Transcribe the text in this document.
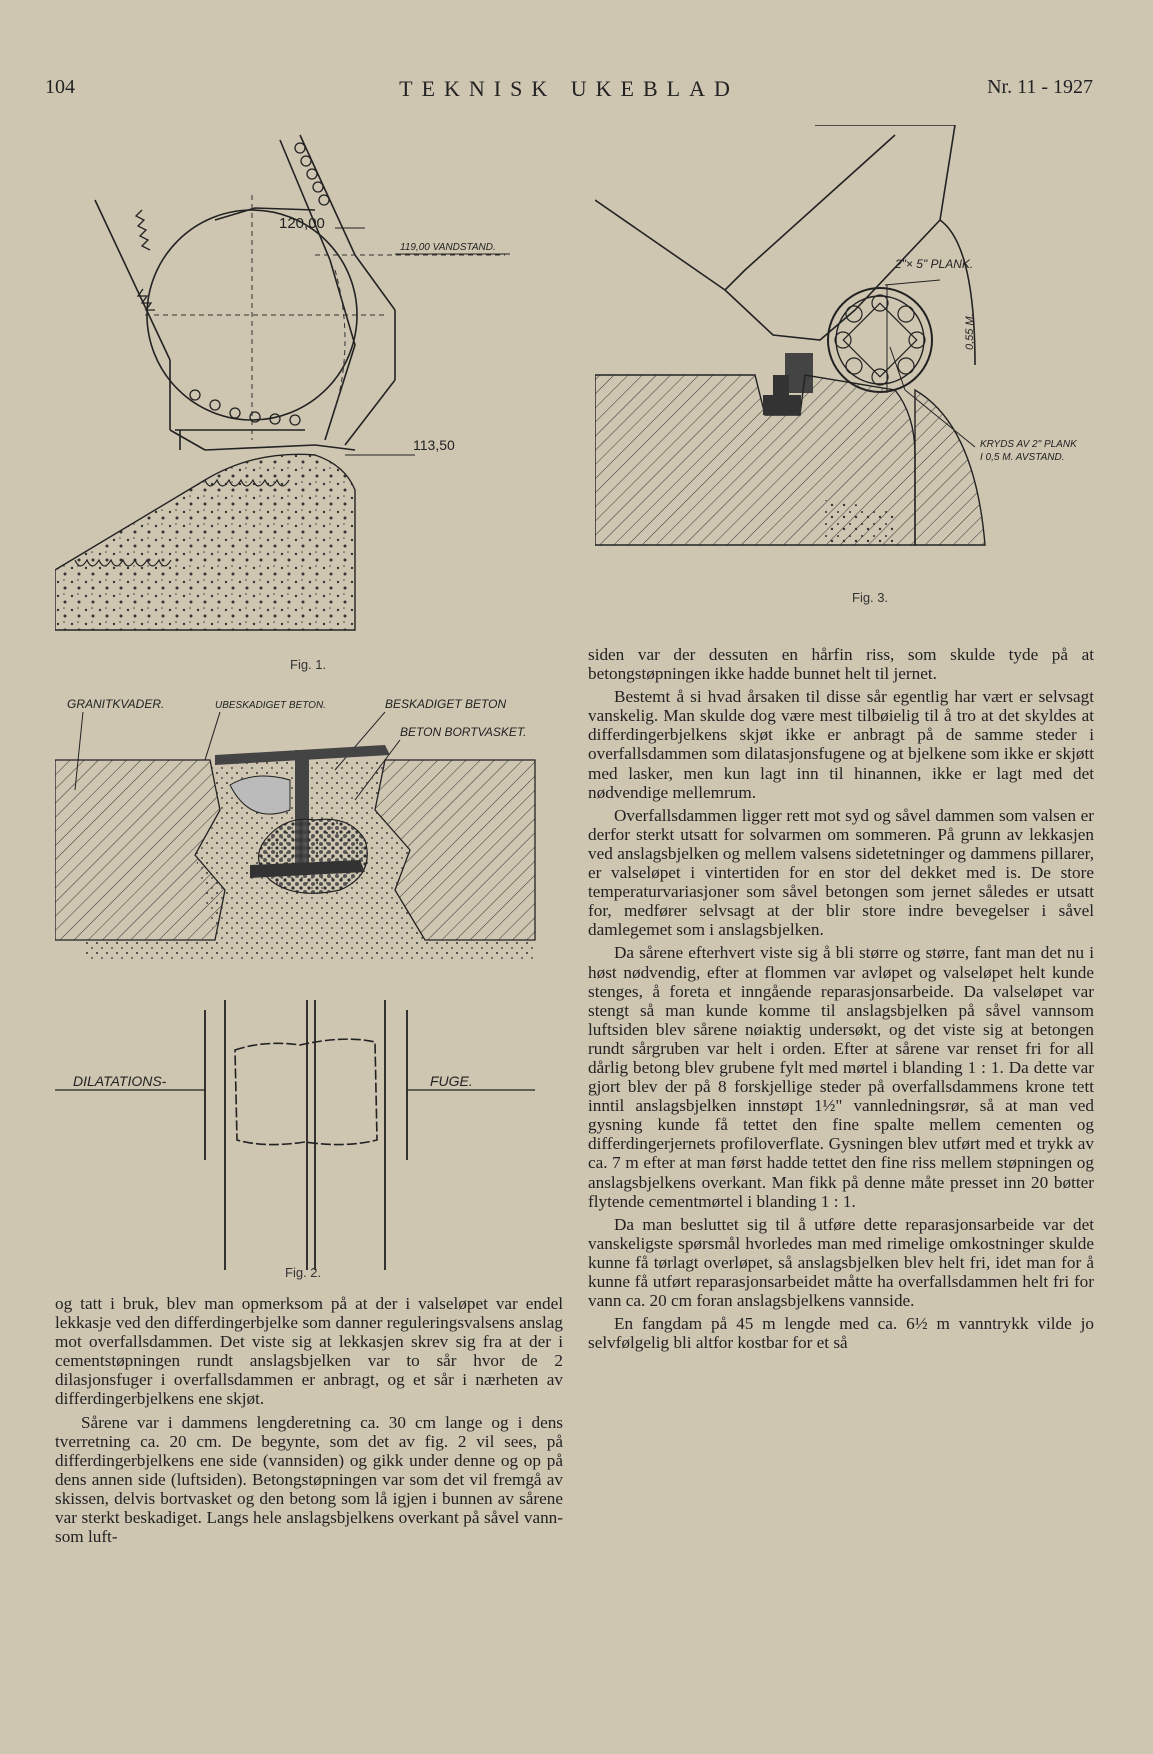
104	TEKNISK UKEBLAD	Nr. 11 - 1927
120,00
119,00 VANDSTAND.
113,50
Fig. 1.
2"× 5" PLANK.
0,55 M.
KRYDS AV 2" PLANK
I 0,5 M. AVSTAND.
Fig. 3.
GRANITKVADER.	UBESKADIGET BETON.	BESKADIGET BETON
BETON BORTVASKET.
DILATATIONS-	FUGE.
Fig. 2.

og tatt i bruk, blev man opmerksom på at der i valseløpet var endel lekkasje ved den differdingerbjelke som danner reguleringsvalsens anslag mot overfallsdammen. Det viste sig at lekkasjen skrev sig fra at der i cementstøpningen rundt anslagsbjelken var to sår hvor de 2 dilasjonsfuger i overfallsdammen er anbragt, og et sår i nærheten av differdingerbjelkens ene skjøt.

Sårene var i dammens lengderetning ca. 30 cm lange og i dens tverretning ca. 20 cm. De begynte, som det av fig. 2 vil sees, på differdingerbjelkens ene side (vannsiden) og gikk under denne og op på dens annen side (luftsiden). Betongstøpningen var som det vil fremgå av skissen, delvis bortvasket og den betong som lå igjen i bunnen av sårene var sterkt beskadiget. Langs hele anslagsbjelkens overkant på såvel vann- som luft-

siden var der dessuten en hårfin riss, som skulde tyde på at betongstøpningen ikke hadde bunnet helt til jernet.

Bestemt å si hvad årsaken til disse sår egentlig har vært er selvsagt vanskelig. Man skulde dog være mest tilbøielig til å tro at det skyldes at differdingerbjelkens skjøt ikke er anbragt på de samme steder i overfallsdammen som dilatasjonsfugene og at bjelkene som ikke er skjøtt med lasker, men kun lagt inn til hinannen, ikke er lagt med det nødvendige mellemrum.

Overfallsdammen ligger rett mot syd og såvel dammen som valsen er derfor sterkt utsatt for solvarmen om sommeren. På grunn av lekkasjen ved anslagsbjelken og mellem valsens sidetetninger og dammens pillarer, er valseløpet i vintertiden for en stor del dekket med is. De store temperaturvariasjoner som såvel betongen som jernet således er utsatt for, medfører selvsagt at der blir store indre bevegelser i såvel damlegemet som i anslagsbjelken.

Da sårene efterhvert viste sig å bli større og større, fant man det nu i høst nødvendig, efter at flommen var avløpet og valseløpet helt kunde stenges, å foreta et inngående reparasjonsarbeide. Da valseløpet var stengt så man kunde komme til anslagsbjelken på såvel vannsom luftsiden blev sårene nøiaktig undersøkt, og det viste sig at betongen rundt sårgruben var helt i orden. Efter at sårene var renset fri for all dårlig betong blev grubene fylt med mørtel i blanding 1 : 1. Da dette var gjort blev der på 8 forskjellige steder på overfallsdammens krone tett inntil anslagsbjelken innstøpt 1½" vannledningsrør, så at man ved gysning kunde få tettet den fine spalte mellem cementen og differdingerjernets profiloverflate. Gysningen blev utført med et trykk av ca. 7 m efter at man først hadde tettet den fine riss mellem støpningen og anslagsbjelkens overkant. Man fikk på denne måte presset inn 20 bøtter flytende cementmørtel i blanding 1 : 1.

Da man besluttet sig til å utføre dette reparasjonsarbeide var det vanskeligste spørsmål hvorledes man med rimelige omkostninger skulde kunne få tørlagt overløpet, så anslagsbjelken blev helt fri, idet man for å kunne få utført reparasjonsarbeidet måtte ha overfallsdammen helt fri for vann ca. 20 cm foran anslagsbjelkens vannside.

En fangdam på 45 m lengde med ca. 6½ m vanntrykk vilde jo selvfølgelig bli altfor kostbar for et så
